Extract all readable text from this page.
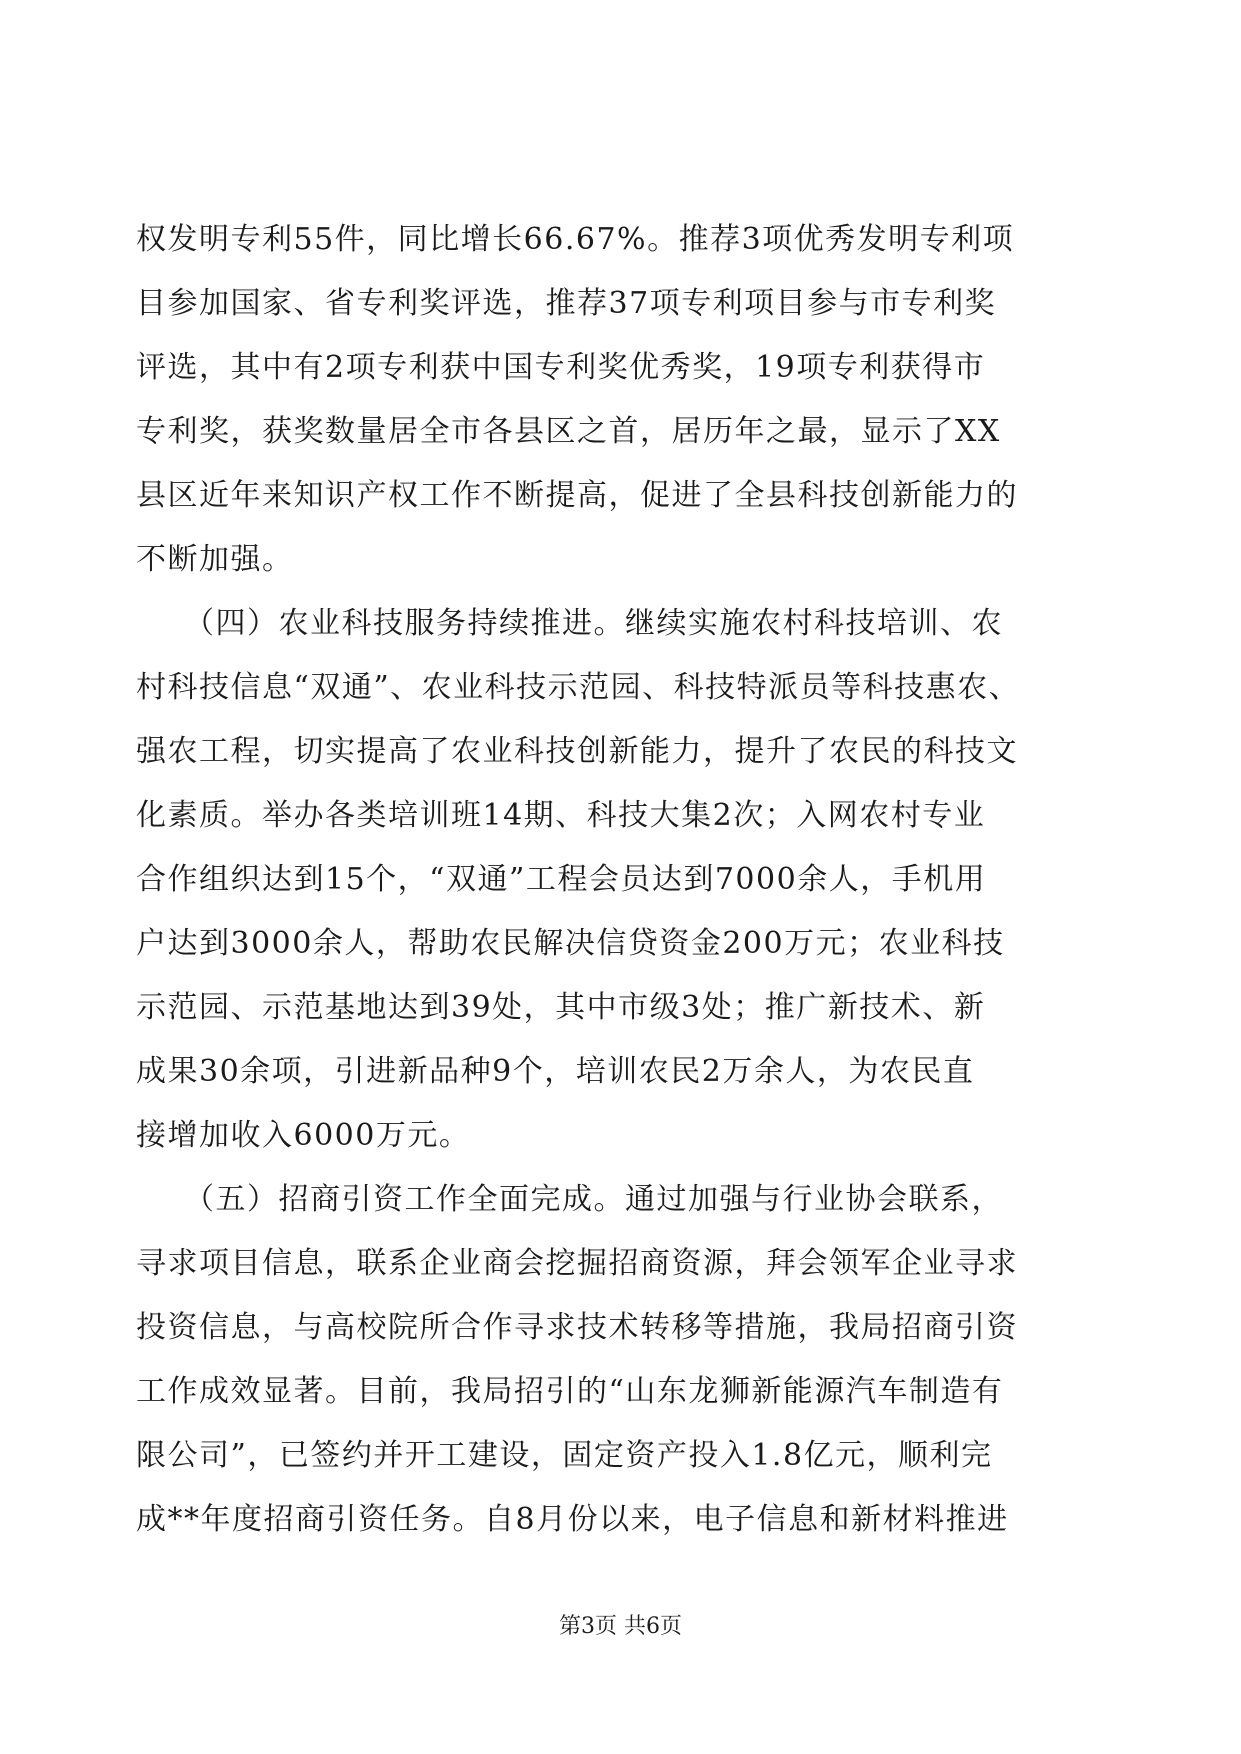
权发明专利55件，同比增长66.67%。推荐3项优秀发明专利项
目参加国家、省专利奖评选，推荐37项专利项目参与市专利奖
评选，其中有2项专利获中国专利奖优秀奖，19项专利获得市
专利奖，获奖数量居全市各县区之首，居历年之最，显示了XX
县区近年来知识产权工作不断提高，促进了全县科技创新能力的
不断加强。
　　（四）农业科技服务持续推进。继续实施农村科技培训、农
村科技信息“双通”、农业科技示范园、科技特派员等科技惠农、
强农工程，切实提高了农业科技创新能力，提升了农民的科技文
化素质。举办各类培训班14期、科技大集2次；入网农村专业
合作组织达到15个，“双通”工程会员达到7000余人，手机用
户达到3000余人，帮助农民解决信贷资金200万元；农业科技
示范园、示范基地达到39处，其中市级3处；推广新技术、新
成果30余项，引进新品种9个，培训农民2万余人，为农民直
接增加收入6000万元。
　　（五）招商引资工作全面完成。通过加强与行业协会联系，
寻求项目信息，联系企业商会挖掘招商资源，拜会领军企业寻求
投资信息，与高校院所合作寻求技术转移等措施，我局招商引资
工作成效显著。目前，我局招引的“山东龙狮新能源汽车制造有
限公司”，已签约并开工建设，固定资产投入1.8亿元，顺利完
成**年度招商引资任务。自8月份以来，电子信息和新材料推进
第3页 共6页
